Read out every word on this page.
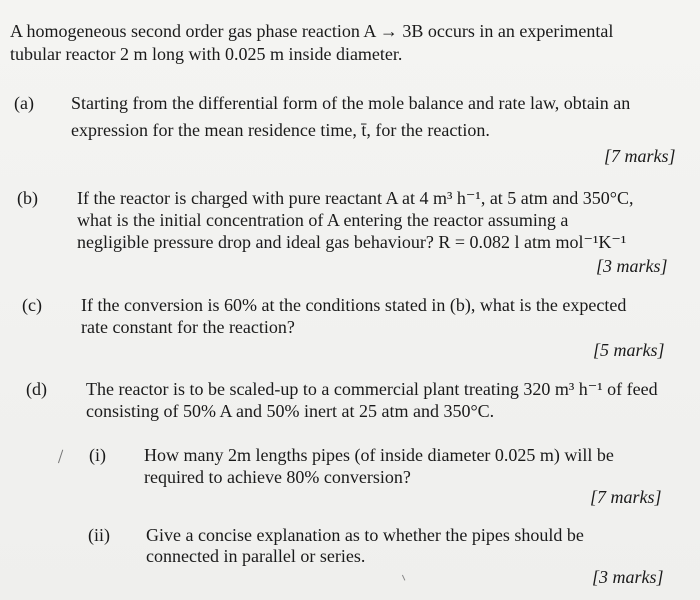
A homogeneous second order gas phase reaction A → 3B occurs in an experimental
tubular reactor 2 m long with 0.025 m inside diameter.
(a) Starting from the differential form of the mole balance and rate law, obtain an
expression for the mean residence time, t̄, for the reaction.
[7 marks]
(b) If the reactor is charged with pure reactant A at 4 m³ h⁻¹, at 5 atm and 350°C,
what is the initial concentration of A entering the reactor assuming a
negligible pressure drop and ideal gas behaviour? R = 0.082 l atm mol⁻¹K⁻¹
[3 marks]
(c) If the conversion is 60% at the conditions stated in (b), what is the expected
rate constant for the reaction?
[5 marks]
(d) The reactor is to be scaled-up to a commercial plant treating 320 m³ h⁻¹ of feed
consisting of 50% A and 50% inert at 25 atm and 350°C.
(i) How many 2m lengths pipes (of inside diameter 0.025 m) will be
required to achieve 80% conversion?
[7 marks]
(ii) Give a concise explanation as to whether the pipes should be
connected in parallel or series.
[3 marks]
